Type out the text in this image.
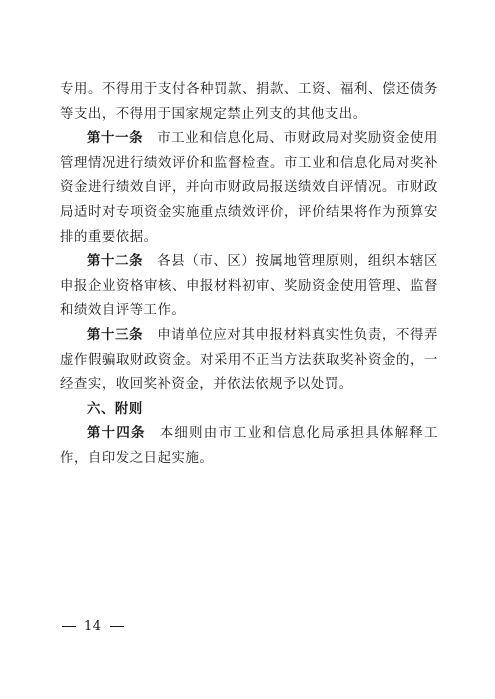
专用。不得用于支付各种罚款、捐款、工资、福利、偿还债务等支出，不得用于国家规定禁止列支的其他支出。

第十一条 市工业和信息化局、市财政局对奖励资金使用管理情况进行绩效评价和监督检查。市工业和信息化局对奖补资金进行绩效自评，并向市财政局报送绩效自评情况。市财政局适时对专项资金实施重点绩效评价，评价结果将作为预算安排的重要依据。

第十二条 各县（市、区）按属地管理原则，组织本辖区申报企业资格审核、申报材料初审、奖励资金使用管理、监督和绩效自评等工作。

第十三条 申请单位应对其申报材料真实性负责，不得弄虚作假骗取财政资金。对采用不正当方法获取奖补资金的，一经查实，收回奖补资金，并依法依规予以处罚。

六、附则

第十四条 本细则由市工业和信息化局承担具体解释工作，自印发之日起实施。

14
